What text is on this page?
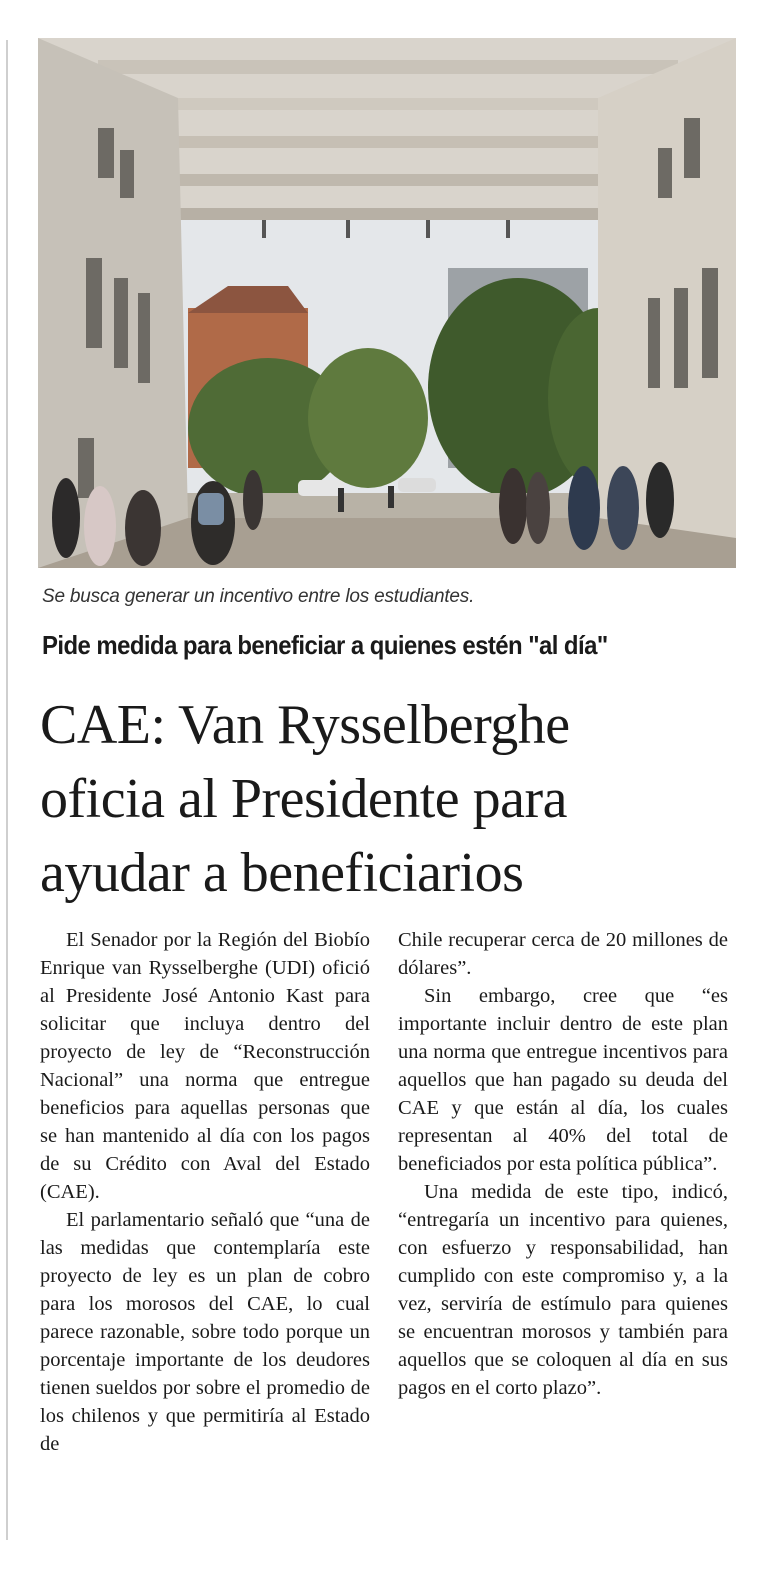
Se busca generar un incentivo entre los estudiantes.
Pide medida para beneficiar a quienes estén "al día"
CAE: Van Rysselberghe
oficia al Presidente para
ayudar a beneficiarios

El Senador por la Región del Biobío Enrique van Rysselberghe (UDI) ofició al Presidente José Antonio Kast para solicitar que incluya dentro del proyecto de ley de “Reconstrucción Nacional” una norma que entregue beneficios para aquellas personas que se han mantenido al día con los pagos de su Crédito con Aval del Estado (CAE).

El parlamentario señaló que “una de las medidas que contemplaría este proyecto de ley es un plan de cobro para los morosos del CAE, lo cual parece razonable, sobre todo porque un porcentaje importante de los deudores tienen sueldos por sobre el promedio de los chilenos y que permitiría al Estado de

Chile recuperar cerca de 20 millones de dólares”.

Sin embargo, cree que “es importante incluir dentro de este plan una norma que entregue incentivos para aquellos que han pagado su deuda del CAE y que están al día, los cuales representan al 40% del total de beneficiados por esta política pública”.

Una medida de este tipo, indicó, “entregaría un incentivo para quienes, con esfuerzo y responsabilidad, han cumplido con este compromiso y, a la vez, serviría de estímulo para quienes se encuentran morosos y también para aquellos que se coloquen al día en sus pagos en el corto plazo”.
